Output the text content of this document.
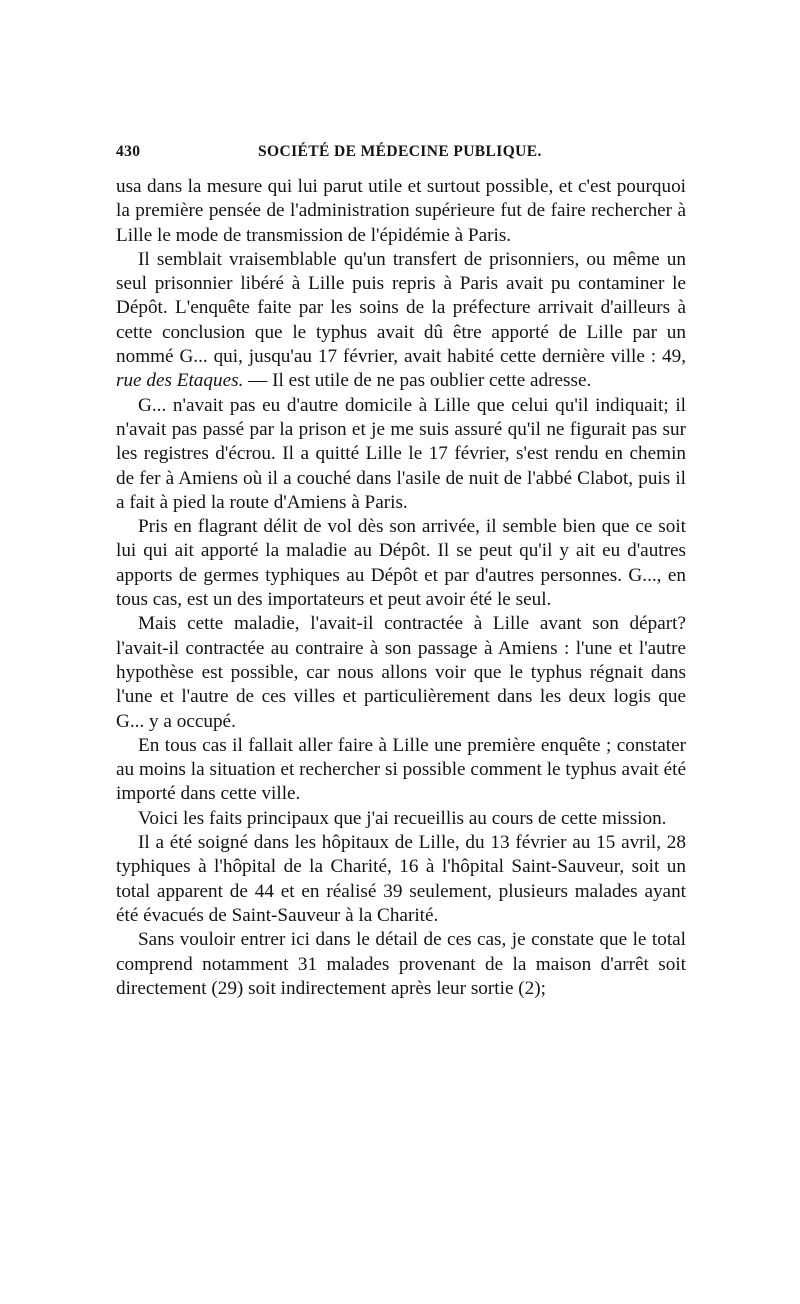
430	SOCIÉTÉ DE MÉDECINE PUBLIQUE.

usa dans la mesure qui lui parut utile et surtout possible, et c'est pourquoi la première pensée de l'administration supérieure fut de faire rechercher à Lille le mode de transmission de l'épidémie à Paris.

Il semblait vraisemblable qu'un transfert de prisonniers, ou même un seul prisonnier libéré à Lille puis repris à Paris avait pu contaminer le Dépôt. L'enquête faite par les soins de la préfecture arrivait d'ailleurs à cette conclusion que le typhus avait dû être apporté de Lille par un nommé G... qui, jusqu'au 17 février, avait habité cette dernière ville : 49, rue des Etaques. — Il est utile de ne pas oublier cette adresse.

G... n'avait pas eu d'autre domicile à Lille que celui qu'il indiquait; il n'avait pas passé par la prison et je me suis assuré qu'il ne figurait pas sur les registres d'écrou. Il a quitté Lille le 17 février, s'est rendu en chemin de fer à Amiens où il a couché dans l'asile de nuit de l'abbé Clabot, puis il a fait à pied la route d'Amiens à Paris.

Pris en flagrant délit de vol dès son arrivée, il semble bien que ce soit lui qui ait apporté la maladie au Dépôt. Il se peut qu'il y ait eu d'autres apports de germes typhiques au Dépôt et par d'autres personnes. G..., en tous cas, est un des importateurs et peut avoir été le seul.

Mais cette maladie, l'avait-il contractée à Lille avant son départ? l'avait-il contractée au contraire à son passage à Amiens : l'une et l'autre hypothèse est possible, car nous allons voir que le typhus régnait dans l'une et l'autre de ces villes et particulièrement dans les deux logis que G... y a occupé.

En tous cas il fallait aller faire à Lille une première enquête ; constater au moins la situation et rechercher si possible comment le typhus avait été importé dans cette ville.

Voici les faits principaux que j'ai recueillis au cours de cette mission.

Il a été soigné dans les hôpitaux de Lille, du 13 février au 15 avril, 28 typhiques à l'hôpital de la Charité, 16 à l'hôpital Saint-Sauveur, soit un total apparent de 44 et en réalisé 39 seulement, plusieurs malades ayant été évacués de Saint-Sauveur à la Charité.

Sans vouloir entrer ici dans le détail de ces cas, je constate que le total comprend notamment 31 malades provenant de la maison d'arrêt soit directement (29) soit indirectement après leur sortie (2);
